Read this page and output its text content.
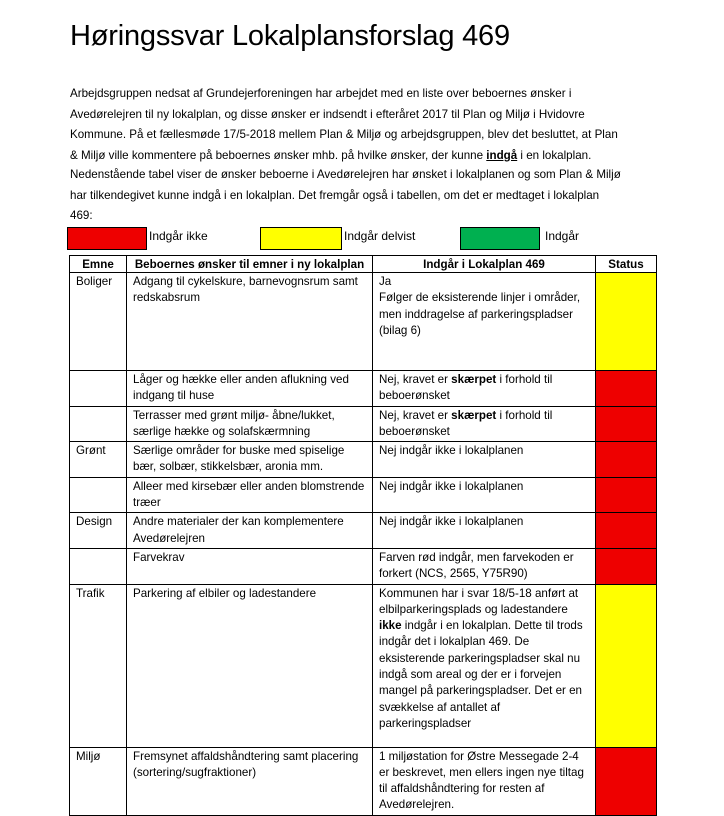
Høringssvar Lokalplansforslag 469
Arbejdsgruppen nedsat af Grundejerforeningen har arbejdet med en liste over beboernes ønsker i
Avedørelejren til ny lokalplan, og disse ønsker er indsendt i efteråret 2017 til Plan og Miljø i Hvidovre
Kommune. På et fællesmøde 17/5-2018 mellem Plan & Miljø og arbejdsgruppen, blev det besluttet, at Plan
& Miljø ville kommentere på beboernes ønsker mhb. på hvilke ønsker, der kunne indgå i en lokalplan.
Nedenstående tabel viser de ønsker beboerne i Avedørelejren har ønsket i lokalplanen og som Plan & Miljø
har tilkendegivet kunne indgå i en lokalplan. Det fremgår også i tabellen, om det er medtaget i lokalplan
469:
Indgår ikke	Indgår delvist	Indgår
Emne	Beboernes ønsker til emner i ny lokalplan	Indgår i Lokalplan 469	Status
Boliger	Adgang til cykelskure, barnevognsrum samt redskabsrum	Ja
Følger de eksisterende linjer i områder, men inddragelse af parkeringspladser (bilag 6)	

	Låger og hække eller anden aflukning ved indgang til huse	Nej, kravet er skærpet i forhold til beboerønsket	
	Terrasser med grønt miljø- åbne/lukket, særlige hække og solafskærmning	Nej, kravet er skærpet i forhold til beboerønsket	
Grønt	Særlige områder for buske med spiselige bær, solbær, stikkelsbær, aronia mm.	Nej indgår ikke i lokalplanen	
	Alleer med kirsebær eller anden blomstrende træer	Nej indgår ikke i lokalplanen	
Design	Andre materialer der kan komplementere Avedørelejren	Nej indgår ikke i lokalplanen	
	Farvekrav	Farven rød indgår, men farvekoden er forkert (NCS, 2565, Y75R90)	
Trafik	Parkering af elbiler og ladestandere	Kommunen har i svar 18/5-18 anført at elbilparkeringsplads og ladestandere ikke indgår i en lokalplan. Dette til trods indgår det i lokalplan 469. De eksisterende parkeringspladser skal nu indgå som areal og der er i forvejen mangel på parkeringspladser. Det er en svækkelse af antallet af parkeringspladser	
Miljø	Fremsynet affaldshåndtering samt placering (sortering/sugfraktioner)	1 miljøstation for Østre Messegade 2-4 er beskrevet, men ellers ingen nye tiltag til affaldshåndtering for resten af Avedørelejren.	
